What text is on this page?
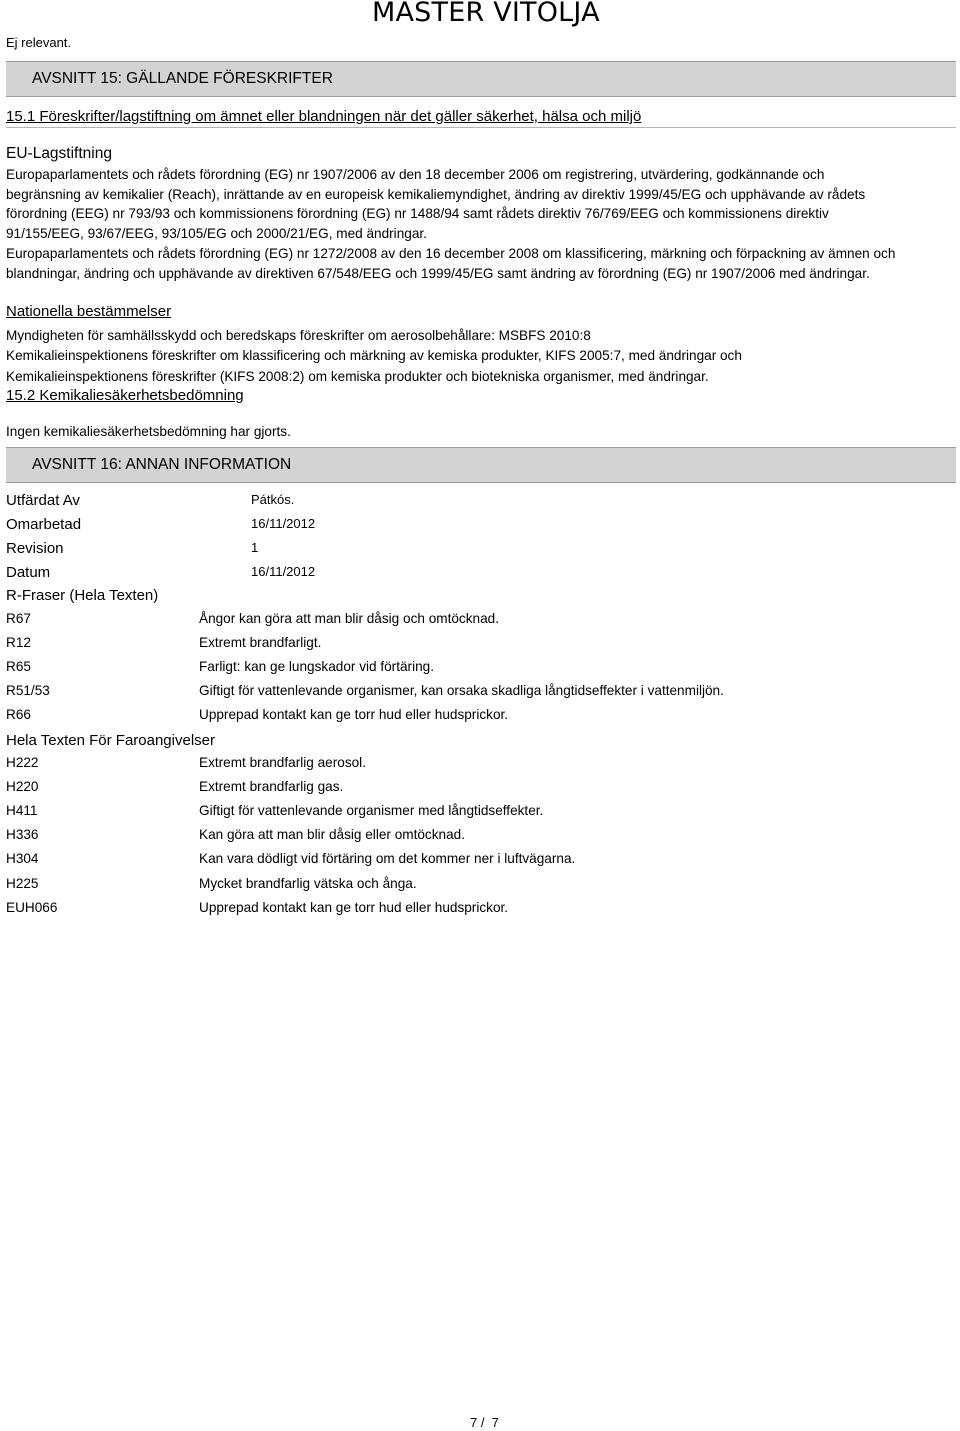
Ej relevant.
MASTER VITOLJA
AVSNITT 15: GÄLLANDE FÖRESKRIFTER
15.1 Föreskrifter/lagstiftning om ämnet eller blandningen när det gäller säkerhet, hälsa och miljö
EU-Lagstiftning
Europaparlamentets och rådets förordning (EG) nr 1907/2006 av den 18 december 2006 om registrering, utvärdering, godkännande och begränsning av kemikalier (Reach), inrättande av en europeisk kemikaliemyndighet, ändring av direktiv 1999/45/EG och upphävande av rådets förordning (EEG) nr 793/93 och kommissionens förordning (EG) nr 1488/94 samt rådets direktiv 76/769/EEG och kommissionens direktiv 91/155/EEG, 93/67/EEG, 93/105/EG och 2000/21/EG, med ändringar.
Europaparlamentets och rådets förordning (EG) nr 1272/2008 av den 16 december 2008 om klassificering, märkning och förpackning av ämnen och blandningar, ändring och upphävande av direktiven 67/548/EEG och 1999/45/EG samt ändring av förordning (EG) nr 1907/2006 med ändringar.
Nationella bestämmelser
Myndigheten för samhällsskydd och beredskaps föreskrifter om aerosolbehållare: MSBFS 2010:8
Kemikalieinspektionens föreskrifter om klassificering och märkning av kemiska produkter, KIFS 2005:7, med ändringar och
Kemikalieinspektionens föreskrifter (KIFS 2008:2) om kemiska produkter och biotekniska organismer, med ändringar.
15.2 Kemikaliesäkerhetsbedömning
Ingen kemikaliesäkerhetsbedömning har gjorts.
AVSNITT 16: ANNAN INFORMATION
Utfärdat Av	Pátkós.
Omarbetad	16/11/2012
Revision	1
Datum	16/11/2012
R-Fraser (Hela Texten)
R67	Ångor kan göra att man blir dåsig och omtöcknad.
R12	Extremt brandfarligt.
R65	Farligt: kan ge lungskador vid förtäring.
R51/53	Giftigt för vattenlevande organismer, kan orsaka skadliga långtidseffekter i vattenmiljön.
R66	Upprepad kontakt kan ge torr hud eller hudsprickor.
Hela Texten För Faroangivelser
H222	Extremt brandfarlig aerosol.
H220	Extremt brandfarlig gas.
H411	Giftigt för vattenlevande organismer med långtidseffekter.
H336	Kan göra att man blir dåsig eller omtöcknad.
H304	Kan vara dödligt vid förtäring om det kommer ner i luftvägarna.
H225	Mycket brandfarlig vätska och ånga.
EUH066	Upprepad kontakt kan ge torr hud eller hudsprickor.
7 /  7
